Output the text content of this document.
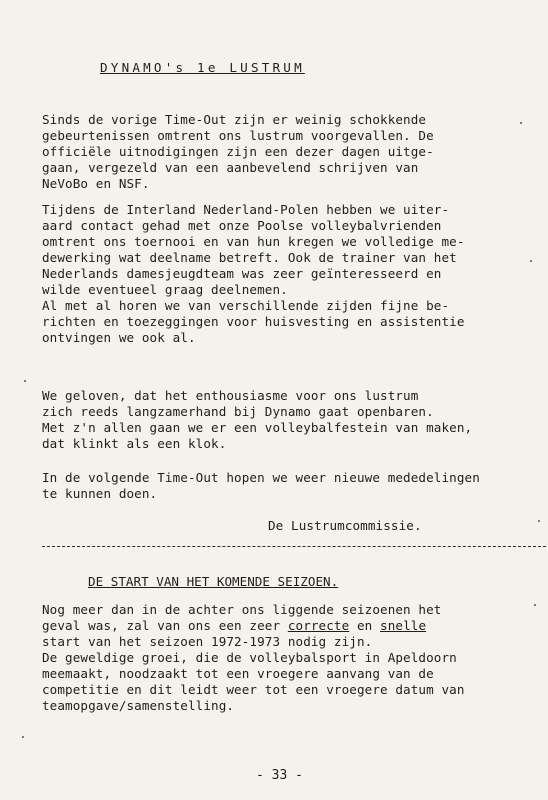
DYNAMO's 1e LUSTRUM
Sinds de vorige Time-Out zijn er weinig schokkende
gebeurtenissen omtrent ons lustrum voorgevallen. De
officiële uitnodigingen zijn een dezer dagen uitge-
gaan, vergezeld van een aanbevelend schrijven van
NeVoBo en NSF.
Tijdens de Interland Nederland-Polen hebben we uiter-
aard contact gehad met onze Poolse volleybalvrienden
omtrent ons toernooi en van hun kregen we volledige me-
dewerking wat deelname betreft. Ook de trainer van het
Nederlands damesjeugdteam was zeer geïnteresseerd en
wilde eventueel graag deelnemen.
Al met al horen we van verschillende zijden fijne be-
richten en toezeggingen voor huisvesting en assistentie
ontvingen we ook al.
We geloven, dat het enthousiasme voor ons lustrum
zich reeds langzamerhand bij Dynamo gaat openbaren.
Met z'n allen gaan we er een volleybalfestein van maken,
dat klinkt als een klok.
In de volgende Time-Out hopen we weer nieuwe mededelingen
te kunnen doen.
De Lustrumcommissie.
DE START VAN HET KOMENDE SEIZOEN.
Nog meer dan in de achter ons liggende seizoenen het
geval was, zal van ons een zeer correcte en snelle
start van het seizoen 1972-1973 nodig zijn.
De geweldige groei, die de volleybalsport in Apeldoorn
meemaakt, noodzaakt tot een vroegere aanvang van de
competitie en dit leidt weer tot een vroegere datum van
teamopgave/samenstelling.
- 33 -
